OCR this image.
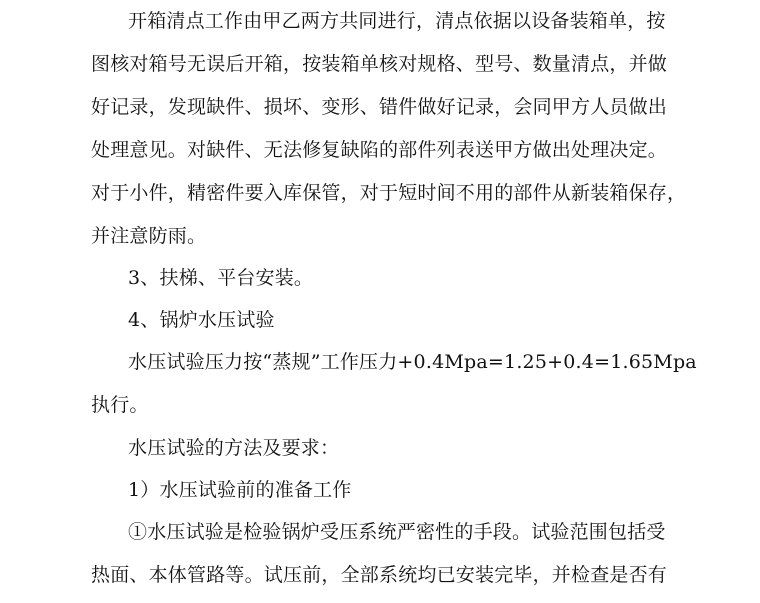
开箱清点工作由甲乙两方共同进行，清点依据以设备装箱单，按
图核对箱号无误后开箱，按装箱单核对规格、型号、数量清点，并做
好记录，发现缺件、损坏、变形、错件做好记录，会同甲方人员做出
处理意见。对缺件、无法修复缺陷的部件列表送甲方做出处理决定。
对于小件，精密件要入库保管，对于短时间不用的部件从新装箱保存，
并注意防雨。
3、扶梯、平台安装。
4、锅炉水压试验
水压试验压力按“蒸规”工作压力+0.4Mpa=1.25+0.4=1.65Mpa
执行。
水压试验的方法及要求：
1）水压试验前的准备工作
①水压试验是检验锅炉受压系统严密性的手段。试验范围包括受
热面、本体管路等。试压前，全部系统均已安装完毕，并检查是否有
